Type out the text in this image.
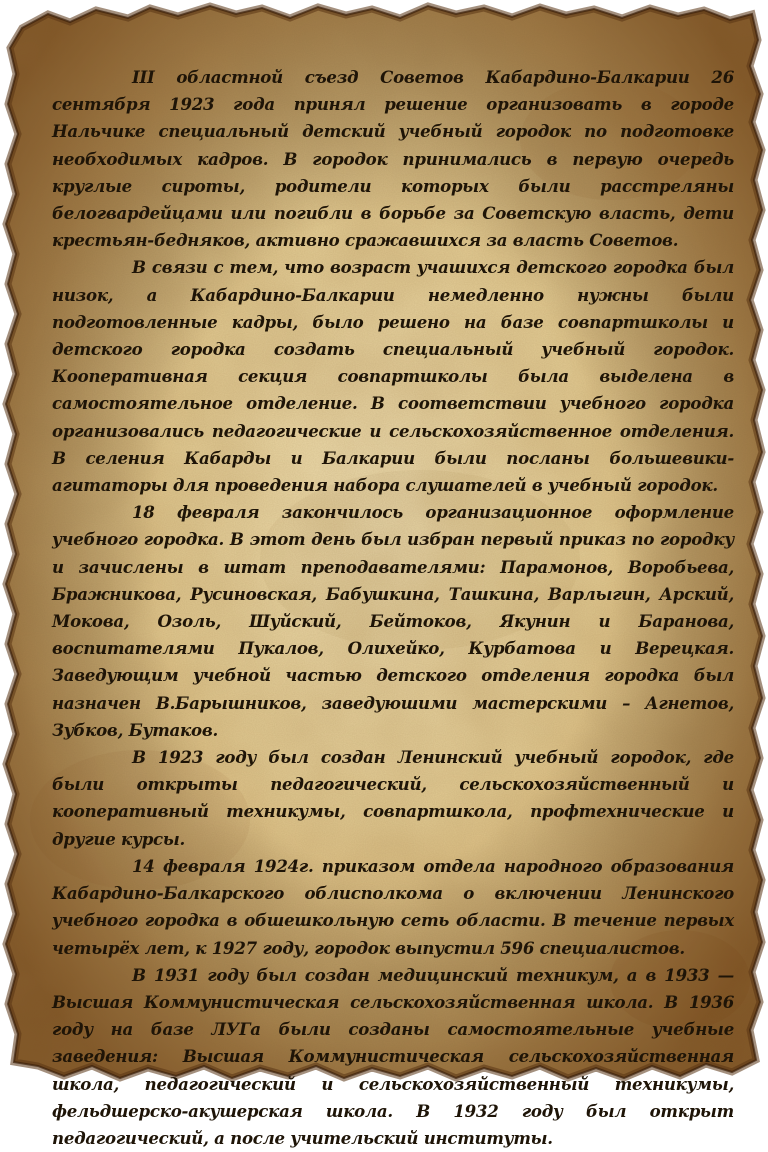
III областной съезд Советов Кабардино-Балкарии 26 сентября 1923 года принял решение организовать в городе Нальчике специальный детский учебный городок по подготовке необходимых кадров. В городок принимались в первую очередь круглые сироты, родители которых были расстреляны белогвардейцами или погибли в борьбе за Советскую власть, дети крестьян-бедняков, активно сражавшихся за власть Советов.

В связи с тем, что возраст учашихся детского городка был низок, а Кабардино-Балкарии немедленно нужны были подготовленные кадры, было решено на базе совпартшколы и детского городка создать специальный учебный городок. Кооперативная секция совпартшколы была выделена в самостоятельное отделение. В соответствии учебного городка организовались педагогические и сельскохозяйственное отделения. В селения Кабарды и Балкарии были посланы большевики-агитаторы для проведения набора слушателей в учебный городок.

18 февраля закончилось организационное оформление учебного городка. В этот день был избран первый приказ по городку и зачислены в штат преподавателями: Парамонов, Воробьева, Бражникова, Русиновская, Бабушкина, Ташкина, Варлыгин, Арский, Мокова, Озоль, Шуйский, Бейтоков, Якунин и Баранова, воспитателями Пукалов, Олихейко, Курбатова и Верецкая. Заведующим учебной частью детского отделения городка был назначен В.Барышников, заведуюшими мастерскими – Агнетов, Зубков, Бутаков.

В 1923 году был создан Ленинский учебный городок, где были открыты педагогический, сельскохозяйственный и кооперативный техникумы, совпартшкола, профтехнические и другие курсы.

14 февраля 1924г. приказом отдела народного образования Кабардино-Балкарского облисполкома о включении Ленинского учебного городка в обшешкольную сеть области. В течение первых четырёх лет, к 1927 году, городок выпустил 596 специалистов.

В 1931 году был создан медицинский техникум, а в 1933 — Высшая Коммунистическая сельскохозяйственная школа. В 1936 году на базе ЛУГа были созданы самостоятельные учебные заведения: Высшая Коммунистическая сельскохозяйственная школа, педагогический и сельскохозяйственный техникумы, фельдшерско-акушерская школа. В 1932 году был открыт педагогический, а после учительский институты.
